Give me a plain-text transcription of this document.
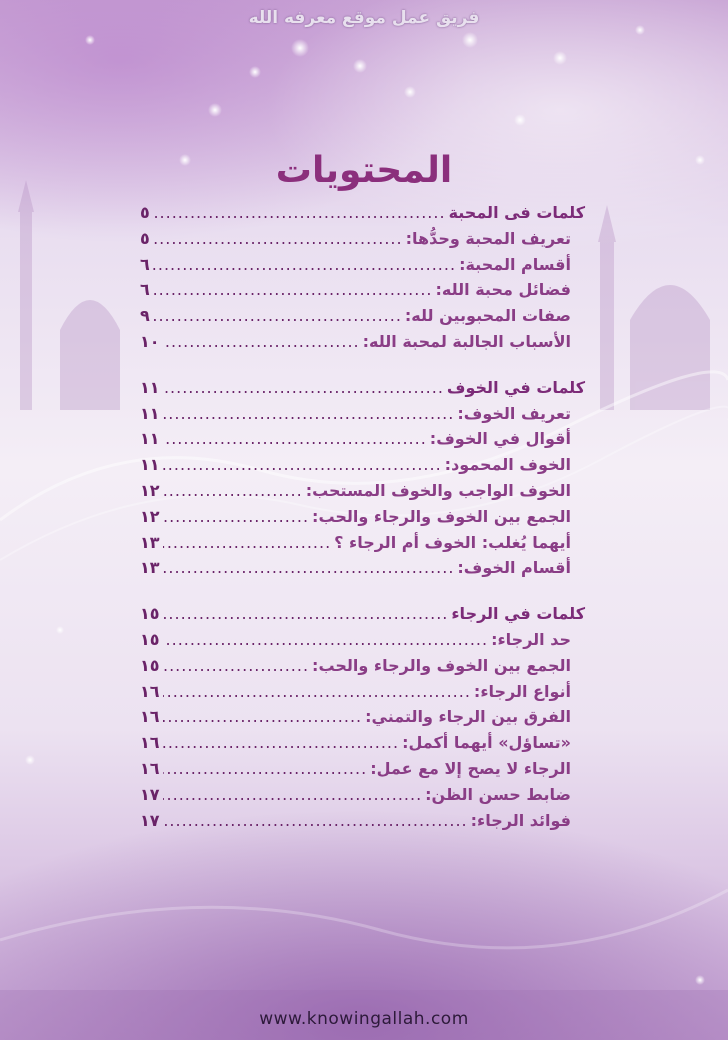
فريق عمل موقع معرفه الله
المحتويات
كلمات فى المحبة
.....
٥
تعريف المحبة وحدُّها:
.....
٥
أقسام المحبة:
.....
٦
فضائل محبة الله:
.....
٦
صفات المحبوبين لله:
.....
٩
الأسباب الجالبة لمحبة الله:
.....
١٠
كلمات في الخوف
.....
١١
تعريف الخوف:
.....
١١
أقوال في الخوف:
.....
١١
الخوف المحمود:
.....
١١
الخوف الواجب والخوف المستحب:
.....
١٢
الجمع بين الخوف والرجاء والحب:
.....
١٢
أيهما يُغلب: الخوف أم الرجاء ؟
.....
١٣
أقسام الخوف:
.....
١٣
كلمات في الرجاء
.....
١٥
حد الرجاء:
.....
١٥
الجمع بين الخوف والرجاء والحب:
.....
١٥
أنواع الرجاء:
.....
١٦
الفرق بين الرجاء والتمني:
.....
١٦
«تساؤل» أيهما أكمل:
.....
١٦
الرجاء لا يصح إلا مع عمل:
.....
١٦
ضابط حسن الظن:
.....
١٧
فوائد الرجاء:
.....
١٧
www.knowingallah.com
